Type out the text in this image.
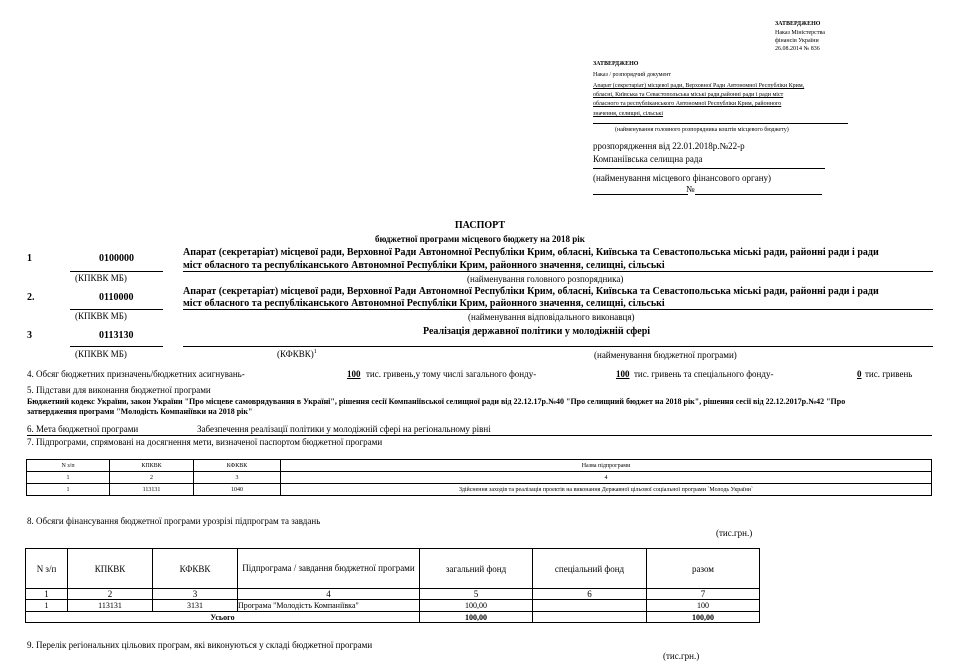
ЗАТВЕРДЖЕНО
Наказ Міністерства
фінансів України
26.08.2014 № 836
ЗАТВЕРДЖЕНО
Наказ / розпорядчий документ
Апарат (секретаріат) місцевої ради, Верховної Ради Автономної Республіки Крим,
обласні, Київська та Севастопольська міські ради,районні ради і ради міст
обласного та республіканського Автономної Республіки Крим, районного
значення, селищні, сільські
(найменування головного розпорядника коштів місцевого бюджету)
ррозпорядження від 22.01.2018р.№22-р
Компаніївська селищна рада
(найменування місцевого фінансового органу)
№
ПАСПОРТ
бюджетної програми місцевого бюджету на 2018 рік
1	0100000
Апарат (секретаріат) місцевої ради, Верховної Ради Автономної Республіки Крим, обласні, Київська та Севастопольська міські ради, районні ради і ради
міст обласного та республіканського Автономної Республіки Крим, районного значення, селищні, сільські
(КПКВК МБ)	(найменування головного розпорядника)
2.	0110000
Апарат (секретаріат) місцевої ради, Верховної Ради Автономної Республіки Крим, обласні, Київська та Севастопольська міські ради, районні ради і ради
міст обласного та республіканського Автономної Республіки Крим, районного значення, селищні, сільські
(КПКВК МБ)	(найменування відповідального виконавця)
3	0113130	Реалізація державної політики у молодіжній сфері
(КПКВК МБ)	(КФКВК)$^1$	(найменування бюджетної програми)
4. Обсяг бюджетних призначень/бюджетних асигнувань-	100 тис. гривень,у тому числі загального фонду-	100 тис. гривень та спеціального фонду-	0 тис. гривень
5. Підстави для виконання бюджетної програми
Бюджетний кодекс України, закон України "Про місцеве самоврядування в Україні", рішення сесії Компаніївської селищної ради від 22.12.17р.№40 "Про селищний бюджет на 2018 рік", рішення сесії від 22.12.2017р.№42 "Про
затвердження програми "Молодість Компаніївки на 2018 рік"
6. Мета бюджетної програми	Забезпечення реалізації політики у молодіжній сфері на регіональному рівні
7. Підпрограми, спрямовані на досягнення мети, визначеної паспортом бюджетної програми
N з/п	КПКВК	КФКВК	Назва підпрограми
1	2	3	4
1	113131	1040	Здійснення заходів та реалізація проектів на виконання Державної цільової соціальної програми `Молодь України`
8. Обсяги фінансування бюджетної програми урозрізі підпрограм та завдань
(тис.грн.)
N з/п	КПКВК	КФКВК	Підпрограма / завдання бюджетної програми	загальний фонд	спеціальний фонд	разом
1	2	3	4	5	6	7
1	113131	3131	Програма "Молодість Компаніївка"	100,00		100
Усього				100,00		100,00
9. Перелік регіональних цільових програм, які виконуються у складі бюджетної програми
(тис.грн.)
